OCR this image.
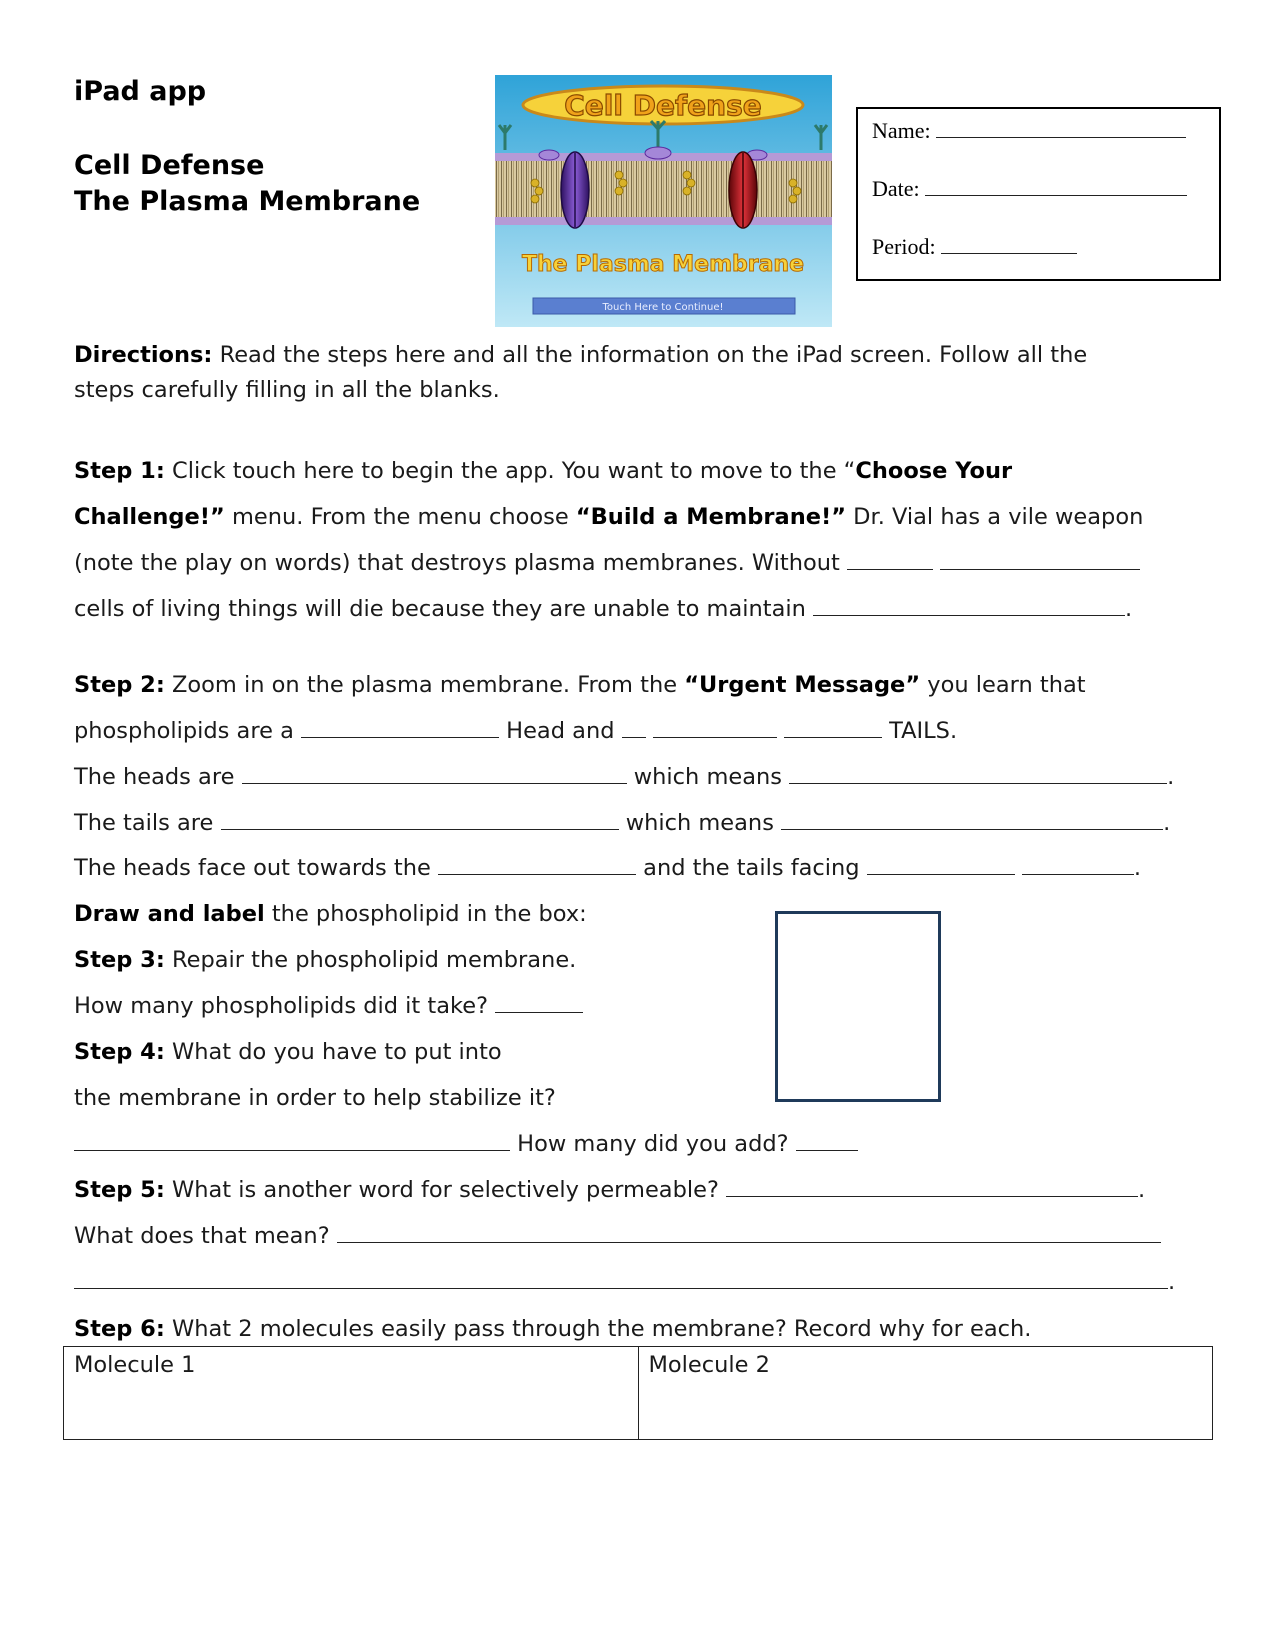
iPad app
Cell Defense
The Plasma Membrane
Cell Defense
The Plasma Membrane
Touch Here to Continue!
Name:
Date:
Period:
Directions: Read the steps here and all the information on the iPad screen. Follow all the
steps carefully filling in all the blanks.
Step 1: Click touch here to begin the app. You want to move to the “Choose Your
Challenge!” menu. From the menu choose “Build a Membrane!” Dr. Vial has a vile weapon
(note the play on words) that destroys plasma membranes. Without
cells of living things will die because they are unable to maintain	.
Step 2: Zoom in on the plasma membrane. From the “Urgent Message” you learn that
phospholipids are a	Head and	TAILS.
The heads are	which means	.
The tails are	which means	.
The heads face out towards the	and the tails facing	.
Draw and label the phospholipid in the box:
Step 3: Repair the phospholipid membrane.
How many phospholipids did it take?
Step 4: What do you have to put into
the membrane in order to help stabilize it?
How many did you add?
Step 5: What is another word for selectively permeable?	.
What does that mean?
.
Step 6: What 2 molecules easily pass through the membrane? Record why for each.
Molecule 1	Molecule 2
